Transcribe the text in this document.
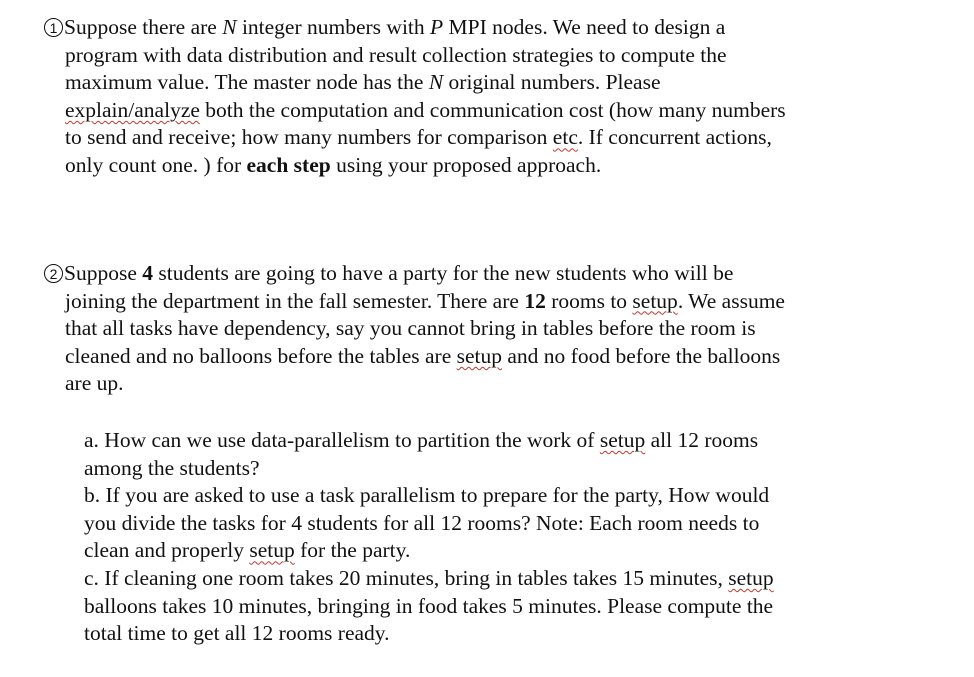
1 Suppose there are N integer numbers with P MPI nodes. We need to design a
program with data distribution and result collection strategies to compute the
maximum value. The master node has the N original numbers. Please
explain/analyze both the computation and communication cost (how many numbers
to send and receive; how many numbers for comparison etc. If concurrent actions,
only count one. ) for each step using your proposed approach.
2 Suppose 4 students are going to have a party for the new students who will be
joining the department in the fall semester. There are 12 rooms to setup. We assume
that all tasks have dependency, say you cannot bring in tables before the room is
cleaned and no balloons before the tables are setup and no food before the balloons
are up.
a. How can we use data-parallelism to partition the work of setup all 12 rooms
among the students?
b. If you are asked to use a task parallelism to prepare for the party, How would
you divide the tasks for 4 students for all 12 rooms? Note: Each room needs to
clean and properly setup for the party.
c. If cleaning one room takes 20 minutes, bring in tables takes 15 minutes, setup
balloons takes 10 minutes, bringing in food takes 5 minutes. Please compute the
total time to get all 12 rooms ready.
